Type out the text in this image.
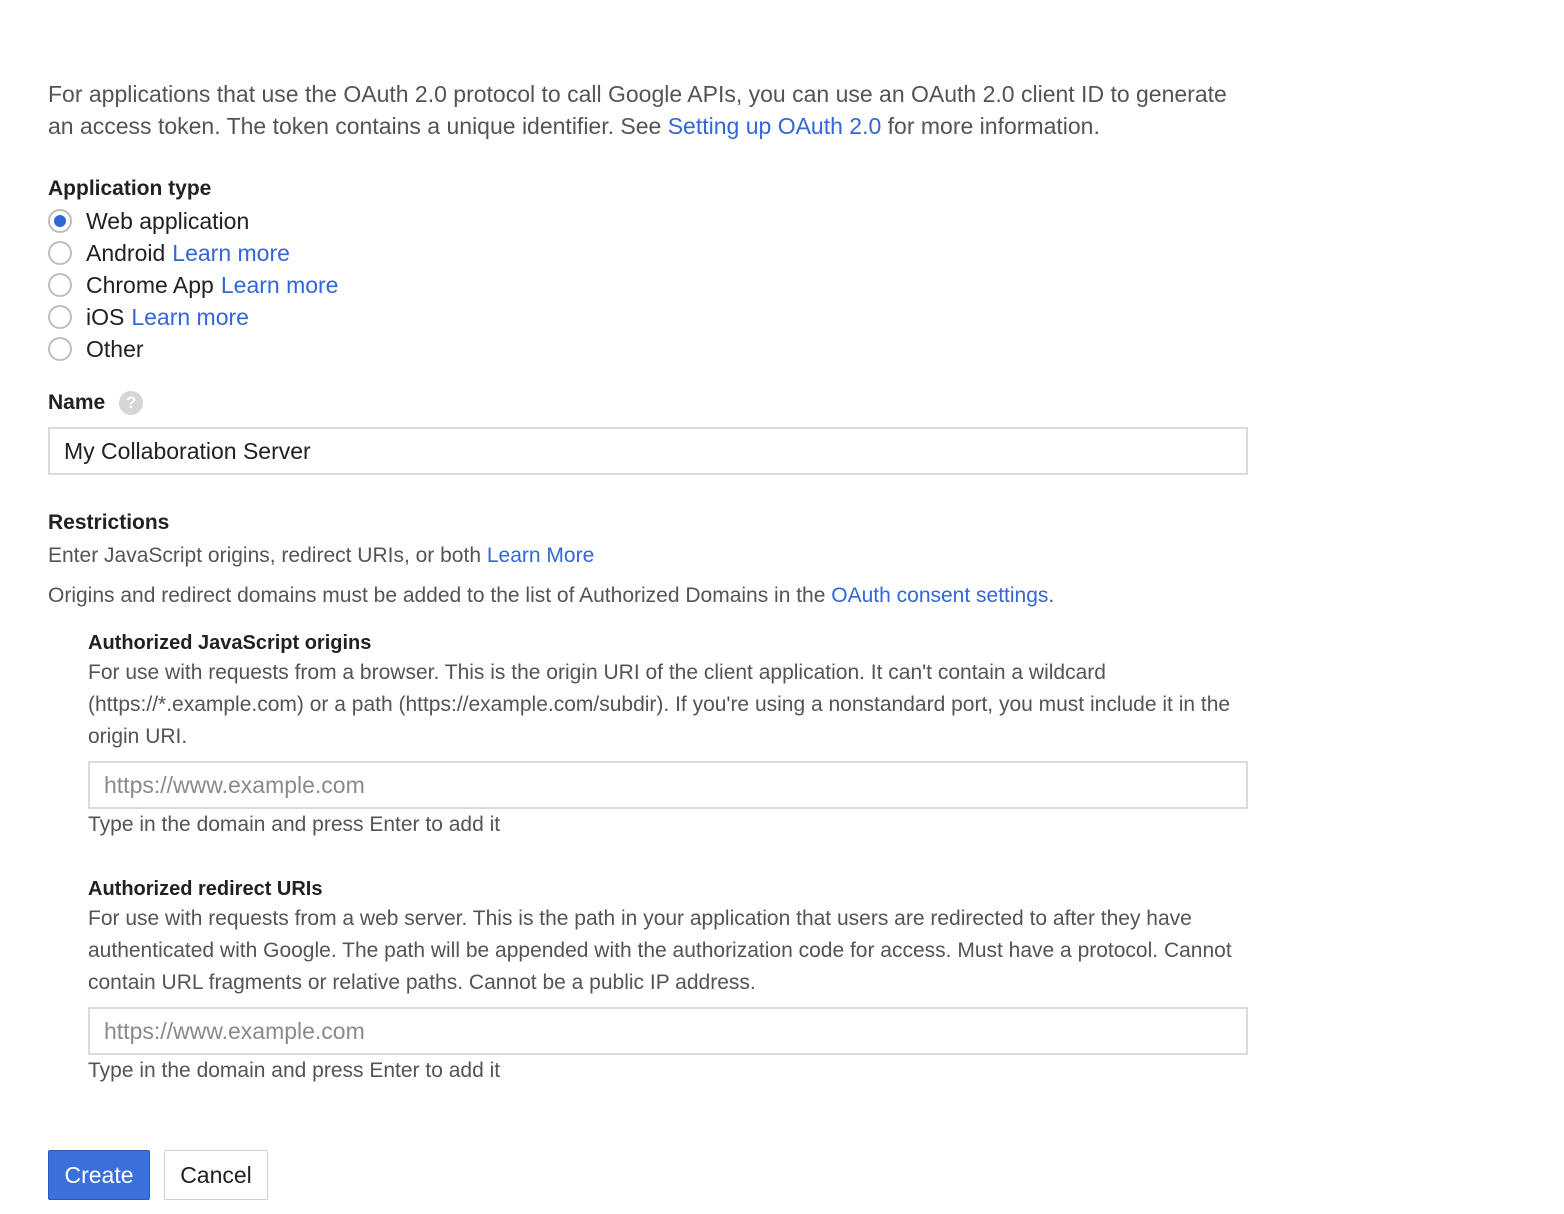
For applications that use the OAuth 2.0 protocol to call Google APIs, you can use an OAuth 2.0 client ID to generate an access token. The token contains a unique identifier. See Setting up OAuth 2.0 for more information.

Application type
Web application
Android Learn more
Chrome App Learn more
iOS Learn more
Other
Name	?
My Collaboration Server
Restrictions
Enter JavaScript origins, redirect URIs, or both Learn More
Origins and redirect domains must be added to the list of Authorized Domains in the OAuth consent settings.
Authorized JavaScript origins
For use with requests from a browser. This is the origin URI of the client application. It can't contain a wildcard (https://*.example.com) or a path (https://example.com/subdir). If you're using a nonstandard port, you must include it in the origin URI.
https://www.example.com
Type in the domain and press Enter to add it
Authorized redirect URIs
For use with requests from a web server. This is the path in your application that users are redirected to after they have authenticated with Google. The path will be appended with the authorization code for access. Must have a protocol. Cannot contain URL fragments or relative paths. Cannot be a public IP address.
https://www.example.com
Type in the domain and press Enter to add it
Create	Cancel
